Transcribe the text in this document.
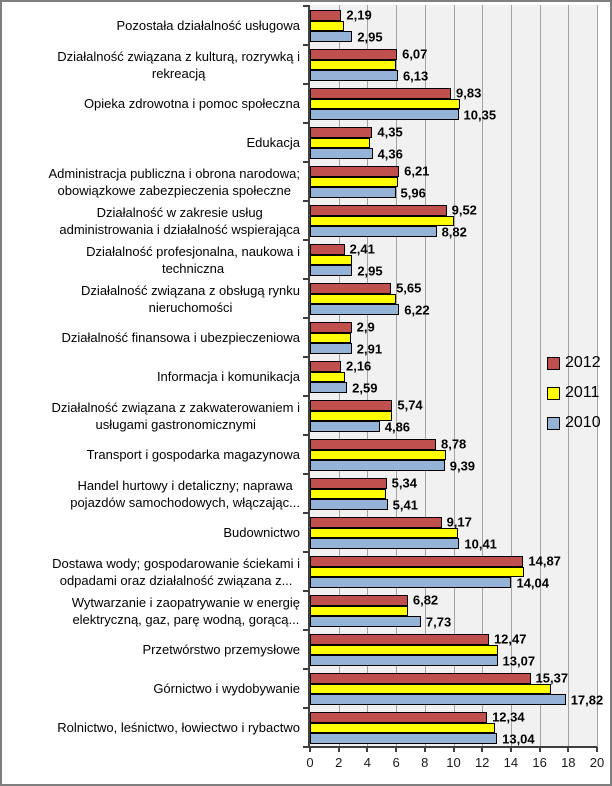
2,19
2,95
Pozostała działalność usługowa
6,07
6,13
Działalność związana z kulturą, rozrywką i
rekreacją
9,83
10,35
Opieka zdrowotna i pomoc społeczna
4,35
4,36
Edukacja
6,21
5,96
Administracja publiczna i obrona narodowa;
obowiązkowe zabezpieczenia społeczne
9,52
8,82
Działalność w zakresie usług
administrowania i działalność wspierająca
2,41
2,95
Działalność profesjonalna, naukowa i
techniczna
5,65
6,22
Działalność związana z obsługą rynku
nieruchomości
2,9
2,91
Działalność finansowa i ubezpieczeniowa
2,16
2,59
Informacja i komunikacja
5,74
4,86
Działalność związana z zakwaterowaniem i
usługami gastronomicznymi
8,78
9,39
Transport i gospodarka magazynowa
5,34
5,41
Handel hurtowy i detaliczny; naprawa
pojazdów samochodowych, włączając...
9,17
10,41
Budownictwo
14,87
14,04
Dostawa wody; gospodarowanie ściekami i
odpadami oraz działalność związana z...
6,82
7,73
Wytwarzanie i zaopatrywanie w energię
elektryczną, gaz, parę wodną, gorącą...
12,47
13,07
Przetwórstwo przemysłowe
15,37
17,82
Górnictwo i wydobywanie
12,34
13,04
Rolnictwo, leśnictwo, łowiectwo i rybactwo
0 2 4 6 8 10 12 14 16 18 20
2012
2011
2010
